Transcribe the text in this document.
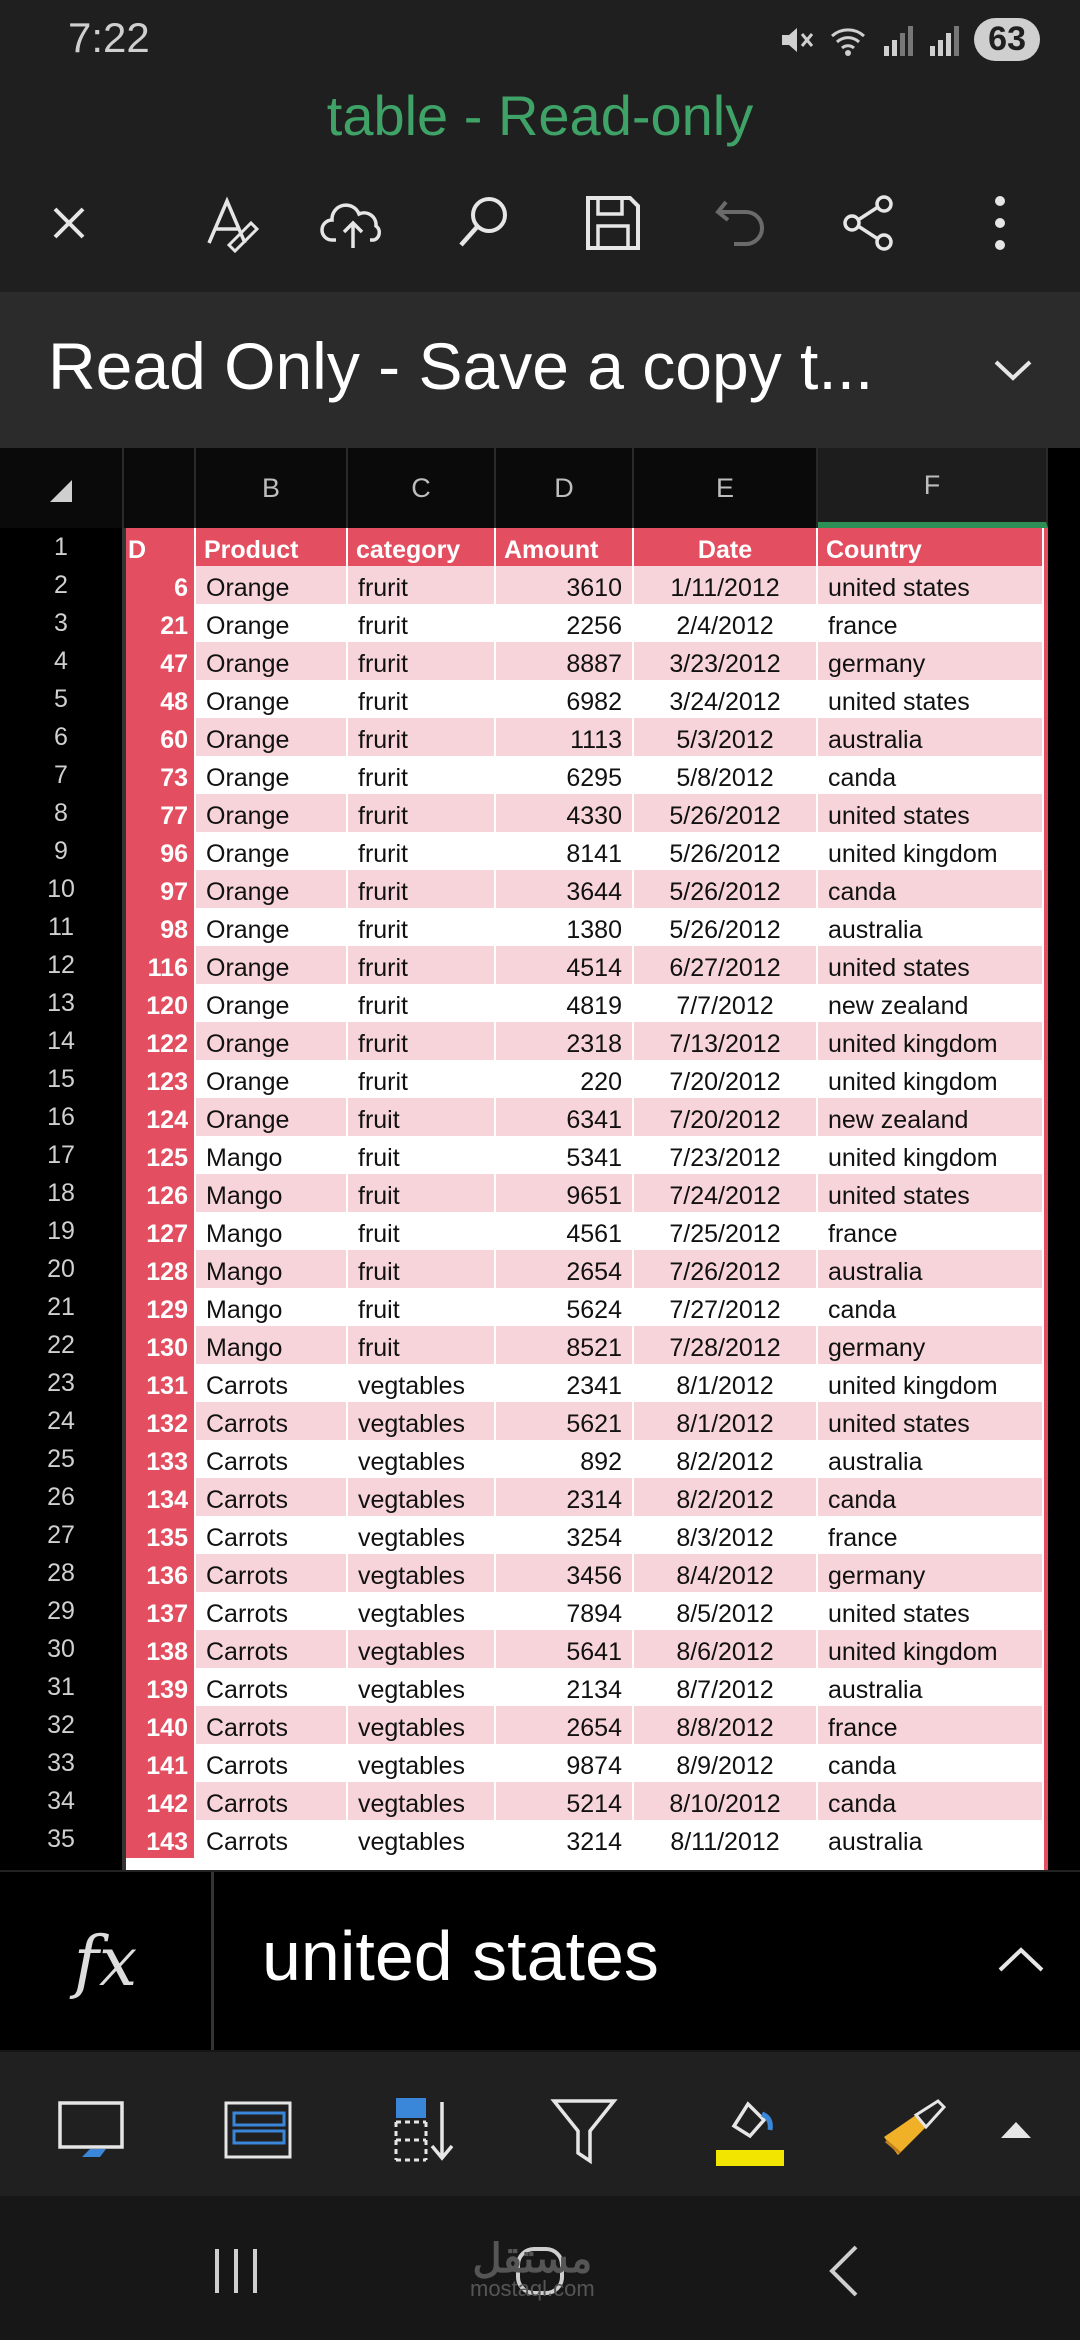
7:22	63
table - Read-only
Read Only - Save a copy t...
B	C	D	E	F
1
2
3
4
5
6
7
8
9
10
11
12
13
14
15
16
17
18
19
20
21
22
23
24
25
26
27
28
29
30
31
32
33
34
35
D	Product	category	Amount	Date	Country
6 Orange	frurit	3610	1/11/2012	united states
21 Orange	frurit	2256	2/4/2012	france
47 Orange	frurit	8887	3/23/2012	germany
48 Orange	frurit	6982	3/24/2012	united states
60 Orange	frurit	1113	5/3/2012	australia
73 Orange	frurit	6295	5/8/2012	canda
77 Orange	frurit	4330	5/26/2012	united states
96 Orange	frurit	8141	5/26/2012	united kingdom
97 Orange	frurit	3644	5/26/2012	canda
98 Orange	frurit	1380	5/26/2012	australia
116 Orange	frurit	4514	6/27/2012	united states
120 Orange	frurit	4819	7/7/2012	new zealand
122 Orange	frurit	2318	7/13/2012	united kingdom
123 Orange	frurit	220	7/20/2012	united kingdom
124 Orange	fruit	6341	7/20/2012	new zealand
125 Mango	fruit	5341	7/23/2012	united kingdom
126 Mango	fruit	9651	7/24/2012	united states
127 Mango	fruit	4561	7/25/2012	france
128 Mango	fruit	2654	7/26/2012	australia
129 Mango	fruit	5624	7/27/2012	canda
130 Mango	fruit	8521	7/28/2012	germany
131 Carrots	vegtables	2341	8/1/2012	united kingdom
132 Carrots	vegtables	5621	8/1/2012	united states
133 Carrots	vegtables	892	8/2/2012	australia
134 Carrots	vegtables	2314	8/2/2012	canda
135 Carrots	vegtables	3254	8/3/2012	france
136 Carrots	vegtables	3456	8/4/2012	germany
137 Carrots	vegtables	7894	8/5/2012	united states
138 Carrots	vegtables	5641	8/6/2012	united kingdom
139 Carrots	vegtables	2134	8/7/2012	australia
140 Carrots	vegtables	2654	8/8/2012	france
141 Carrots	vegtables	9874	8/9/2012	canda
142 Carrots	vegtables	5214	8/10/2012	canda
143 Carrots	vegtables	3214	8/11/2012	australia
fx	united states
مستقل
mostaql.com
